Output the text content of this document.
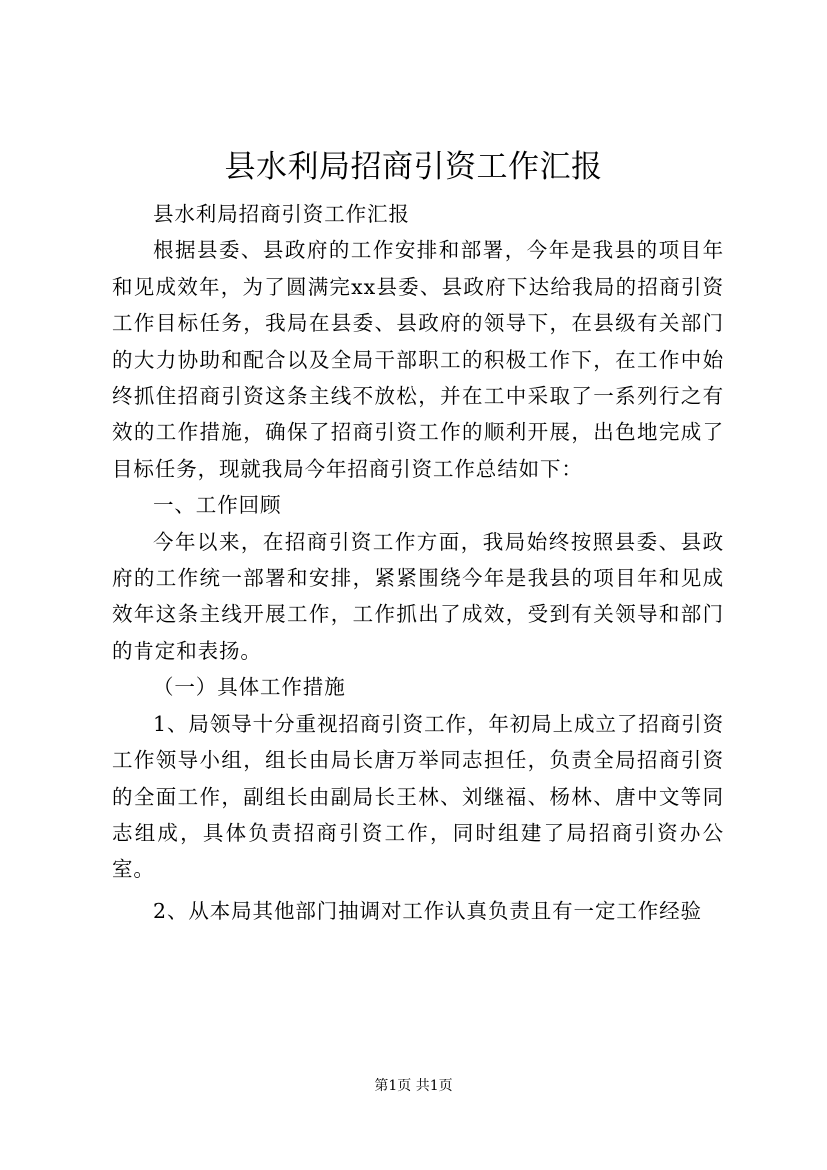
县水利局招商引资工作汇报

县水利局招商引资工作汇报

根据县委、县政府的工作安排和部署，今年是我县的项目年和见成效年，为了圆满完xx县委、县政府下达给我局的招商引资工作目标任务，我局在县委、县政府的领导下，在县级有关部门的大力协助和配合以及全局干部职工的积极工作下，在工作中始终抓住招商引资这条主线不放松，并在工中采取了一系列行之有效的工作措施，确保了招商引资工作的顺利开展，出色地完成了目标任务，现就我局今年招商引资工作总结如下：

一、工作回顾

今年以来，在招商引资工作方面，我局始终按照县委、县政府的工作统一部署和安排，紧紧围绕今年是我县的项目年和见成效年这条主线开展工作，工作抓出了成效，受到有关领导和部门的肯定和表扬。

（一）具体工作措施

1、局领导十分重视招商引资工作，年初局上成立了招商引资工作领导小组，组长由局长唐万举同志担任，负责全局招商引资的全面工作，副组长由副局长王林、刘继福、杨林、唐中文等同志组成，具体负责招商引资工作，同时组建了局招商引资办公室。

2、从本局其他部门抽调对工作认真负责且有一定工作经验

第1页 共1页
